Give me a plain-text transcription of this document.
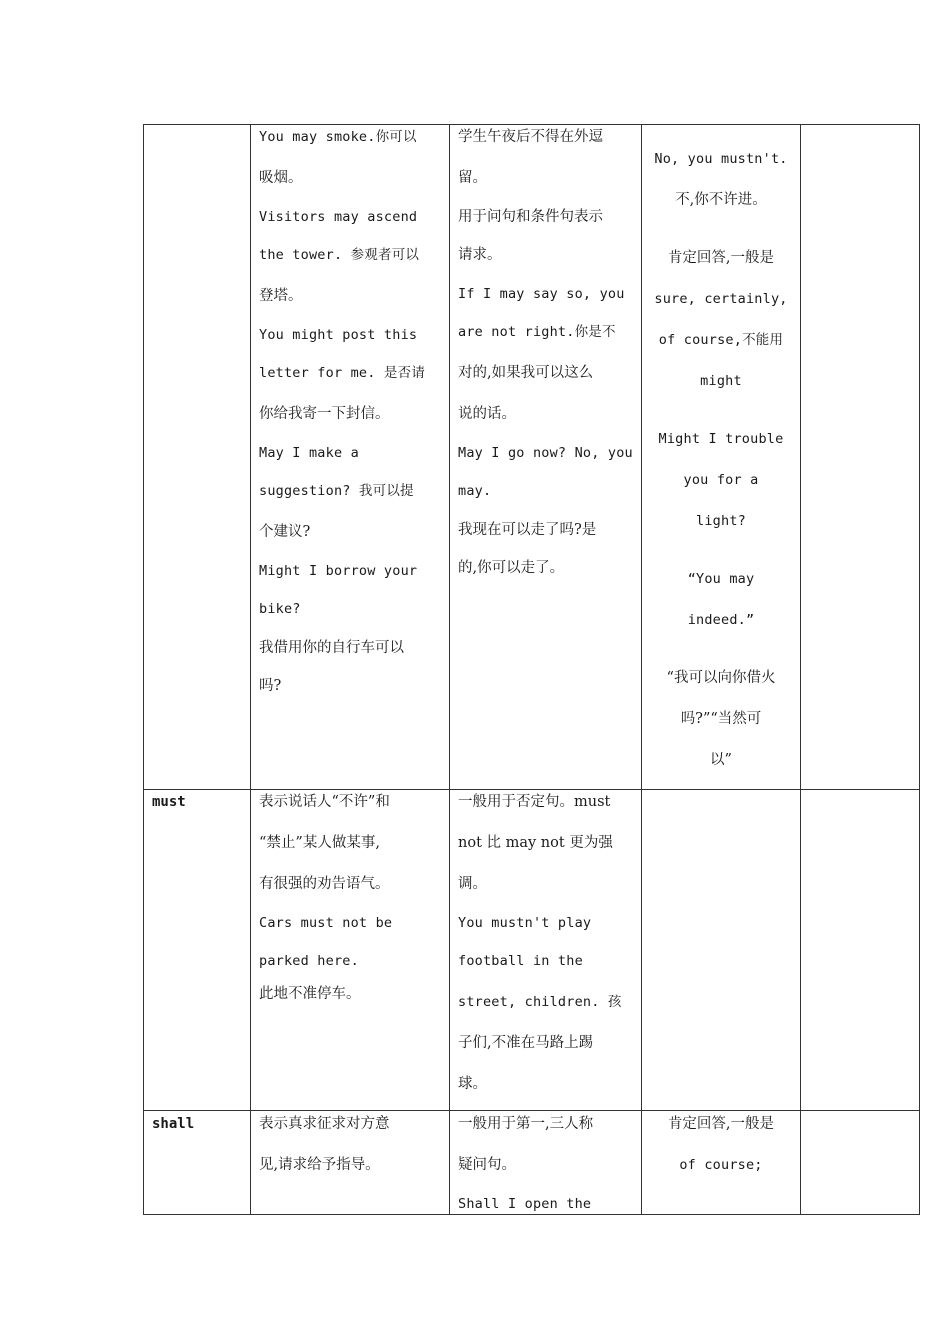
You may smoke.你可以

吸烟。

Visitors may ascend

the tower. 参观者可以

登塔。

You might post this

letter for me. 是否请

你给我寄一下封信。

May I make a

suggestion? 我可以提

个建议?

Might I borrow your

bike?

我借用你的自行车可以

吗?

学生午夜后不得在外逗

留。

用于问句和条件句表示

请求。

If I may say so, you

are not right.你是不

对的,如果我可以这么

说的话。

May I go now? No, you

may.

我现在可以走了吗?是

的,你可以走了。

No, you mustn't.

不,你不许进。

肯定回答,一般是

sure, certainly,

of course,不能用

might

Might I trouble

you for a

light?

“You may

indeed.”

“我可以向你借火

吗?”“当然可

以”

must	表示说话人“不许”和

“禁止”某人做某事,

有很强的劝告语气。

Cars must not be

parked here.

此地不准停车。

一般用于否定句。must

not 比 may not 更为强

调。

You mustn't play

football in the

street, children. 孩

子们,不准在马路上踢

球。

shall	表示真求征求对方意

见,请求给予指导。

一般用于第一,三人称

疑问句。

Shall I open the

肯定回答,一般是

of course;
